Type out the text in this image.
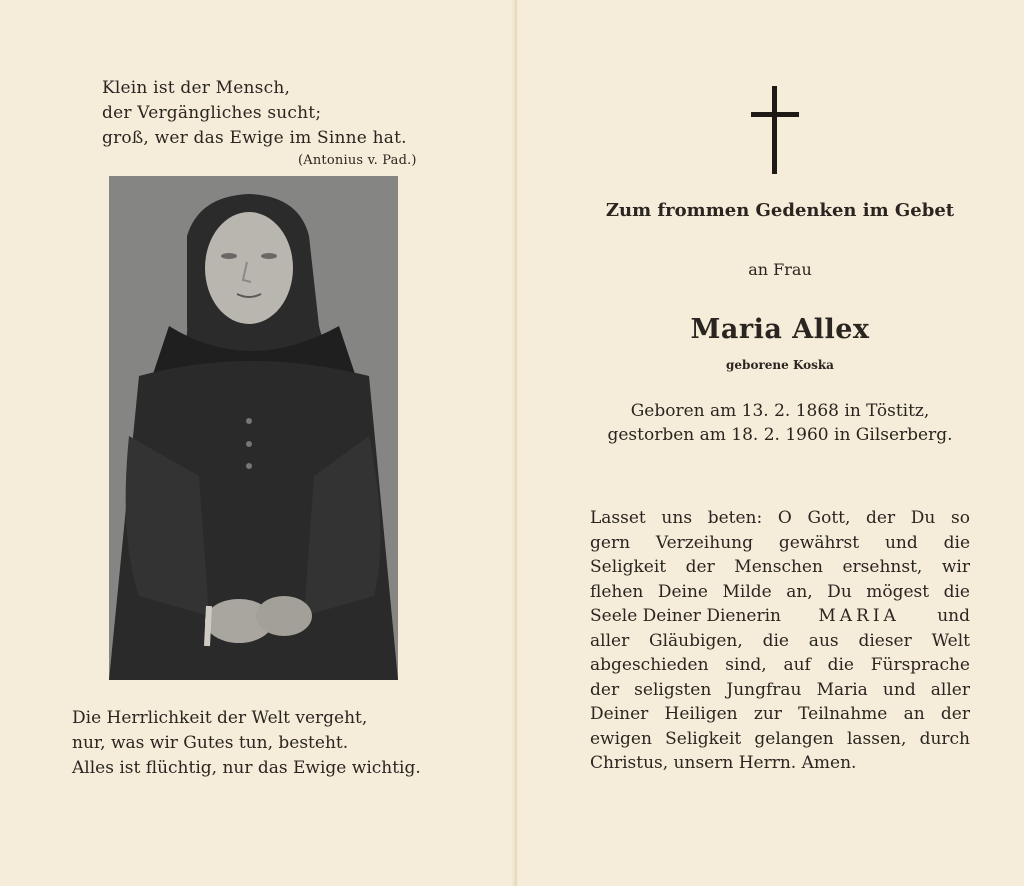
Klein ist der Mensch,
der Vergängliches sucht;
groß, wer das Ewige im Sinne hat.
(Antonius v. Pad.)
Die Herrlichkeit der Welt vergeht,
nur, was wir Gutes tun, besteht.
Alles ist flüchtig, nur das Ewige wichtig.
Zum frommen Gedenken im Gebet
an Frau
Maria Allex
geborene Koska
Geboren am 13. 2. 1868 in Töstitz,
gestorben am 18. 2. 1960 in Gilserberg.
Lasset uns beten: O Gott, der Du so
gern Verzeihung gewährst und die
Seligkeit der Menschen ersehnst, wir
flehen Deine Milde an, Du mögest die
Seele Deiner Dienerin MARIA und
aller Gläubigen, die aus dieser Welt
abgeschieden sind, auf die Fürsprache
der seligsten Jungfrau Maria und aller
Deiner Heiligen zur Teilnahme an der
ewigen Seligkeit gelangen lassen, durch
Christus, unsern Herrn. Amen.
